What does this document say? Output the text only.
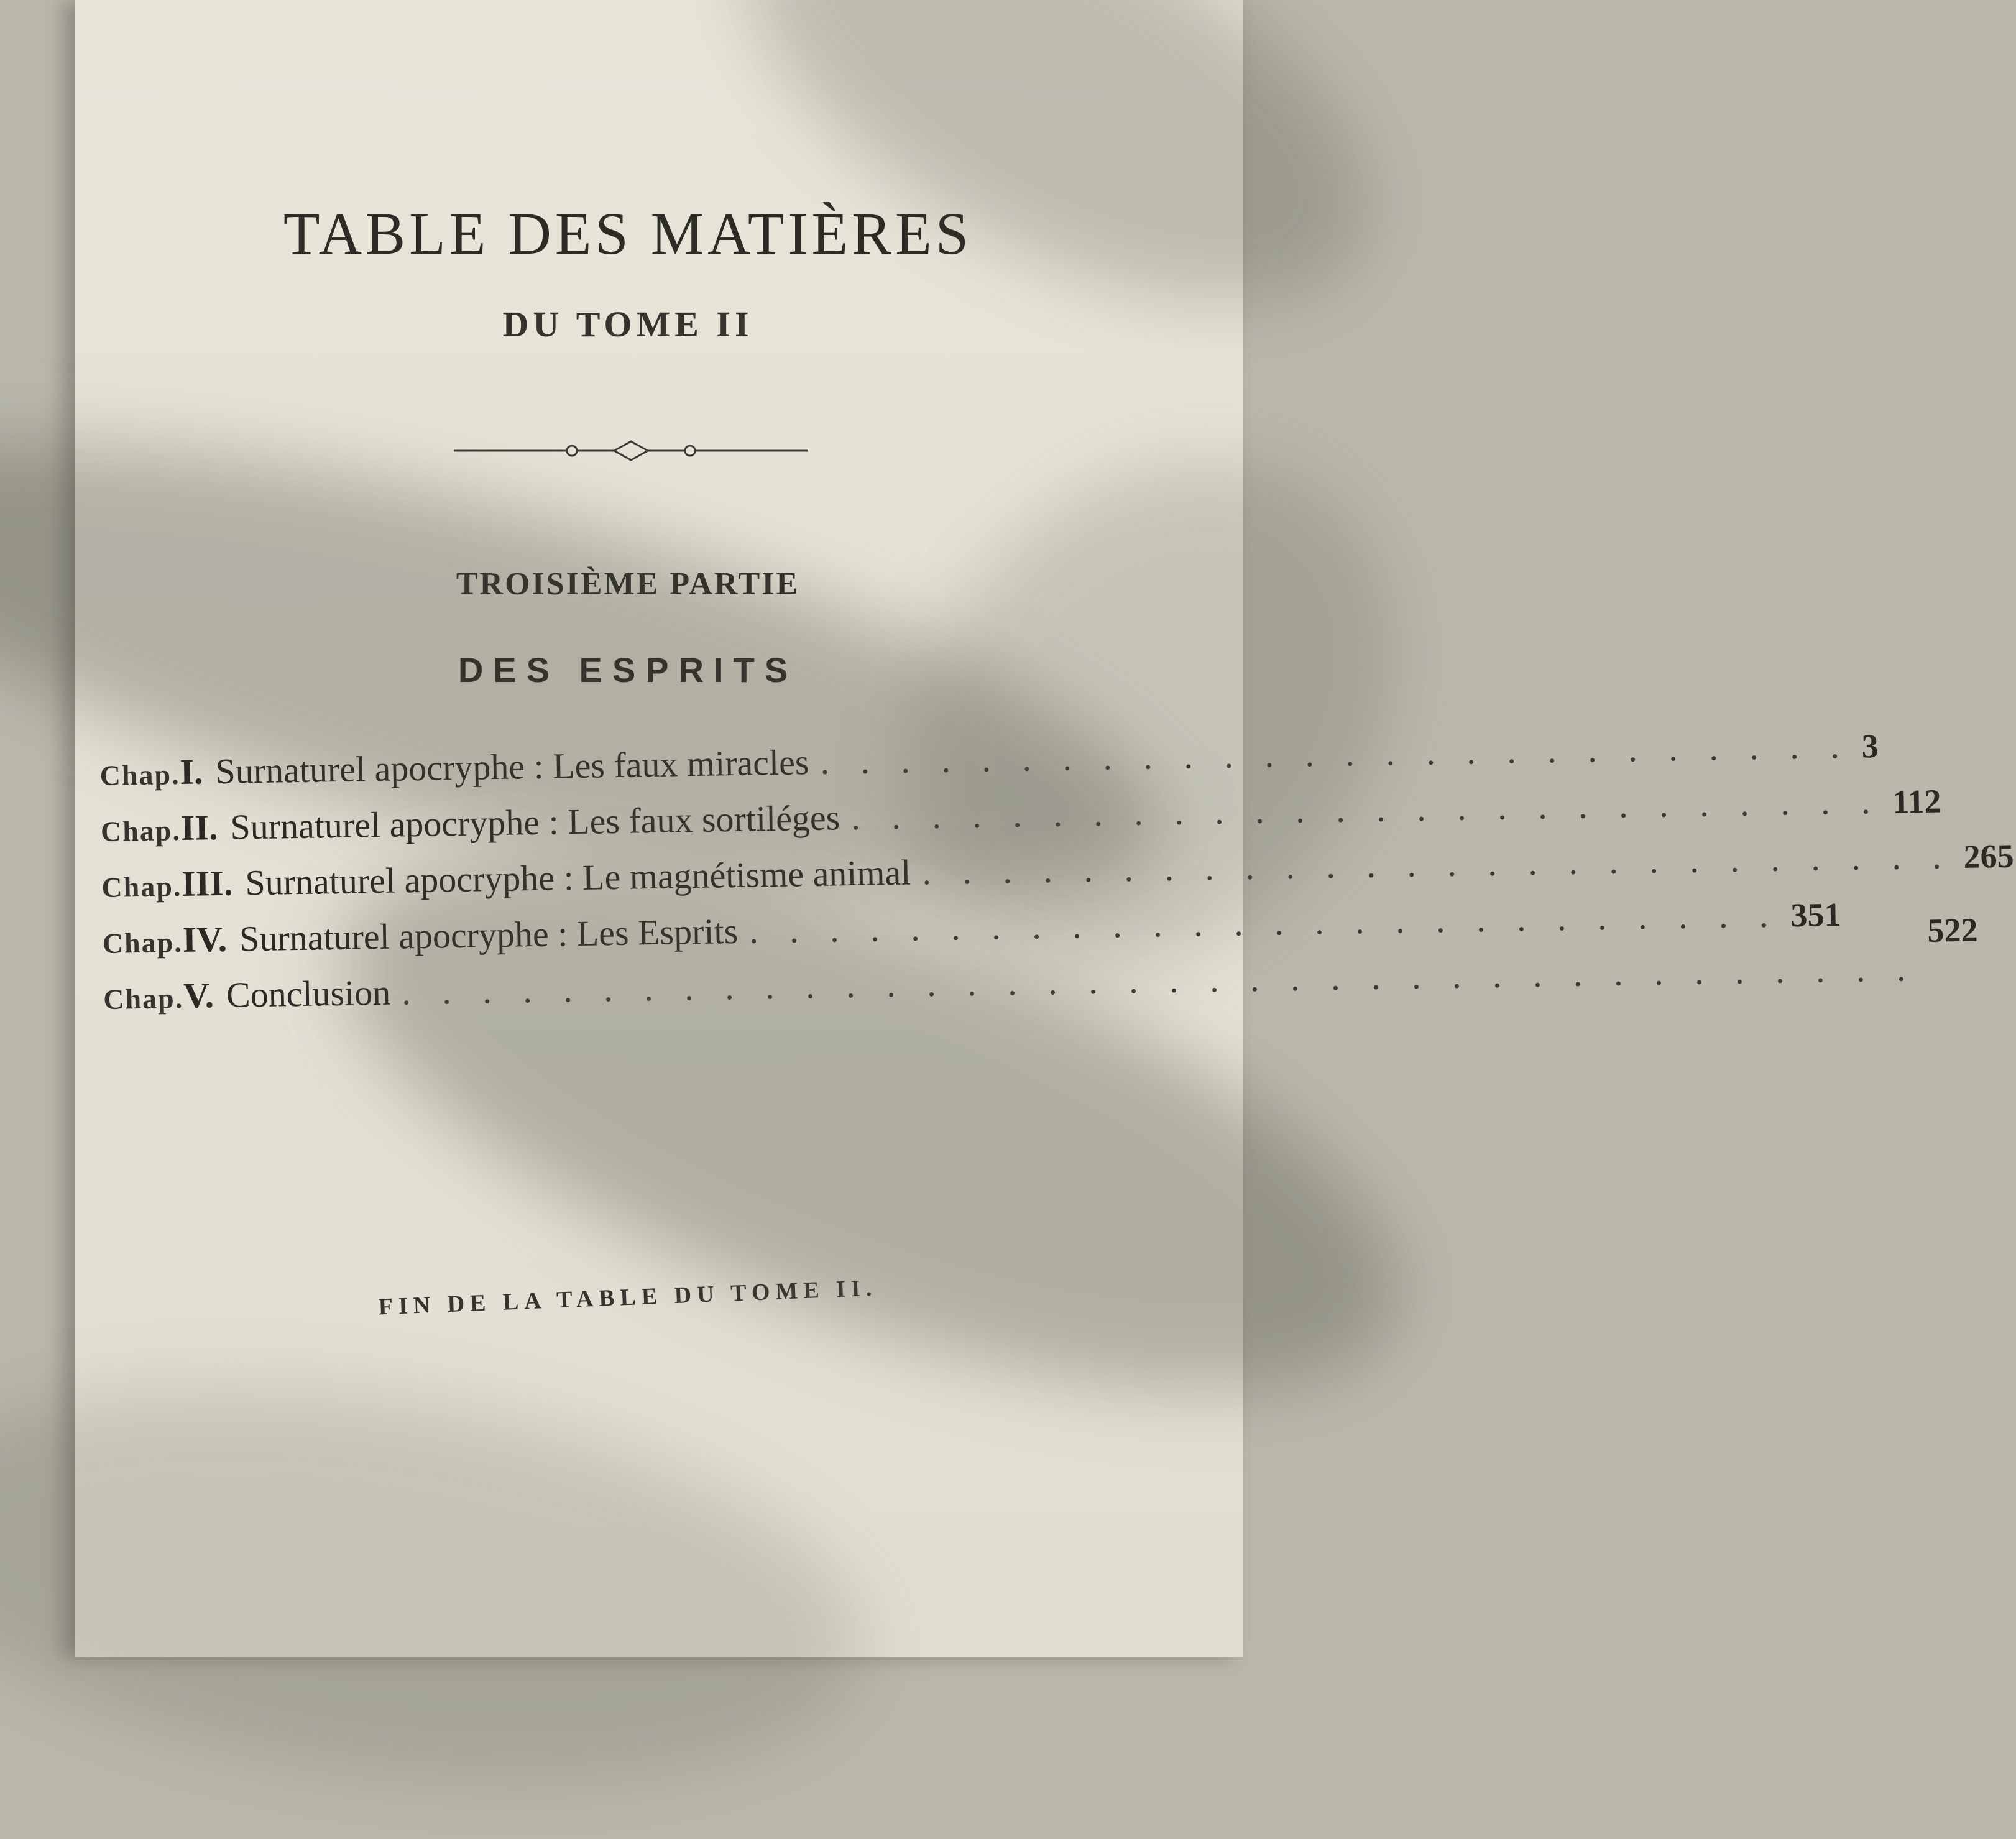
TABLE DES MATIÈRES
DU TOME II
TROISIÈME PARTIE
DES ESPRITS
Chap. I. Surnaturel apocryphe : Les faux miracles . . . . . . . . . . . . . . . . . . . . . . . . . . 3
Chap. II. Surnaturel apocryphe : Les faux sortiléges . . . . . . . . . . . . . . . . . . . . . . . . . . 112
Chap. III. Surnaturel apocryphe : Le magnétisme animal . . . . . . . . . . . . . . . . . . . . . . . . . . 265
Chap. IV. Surnaturel apocryphe : Les Esprits . . . . . . . . . . . . . . . . . . . . . . . . . . 351
Chap. V. Conclusion . . . . . . . . . . . . . . . . . . . . . . . . . . . . . . . . . . . . . .
522
FIN DE LA TABLE DU TOME II.
